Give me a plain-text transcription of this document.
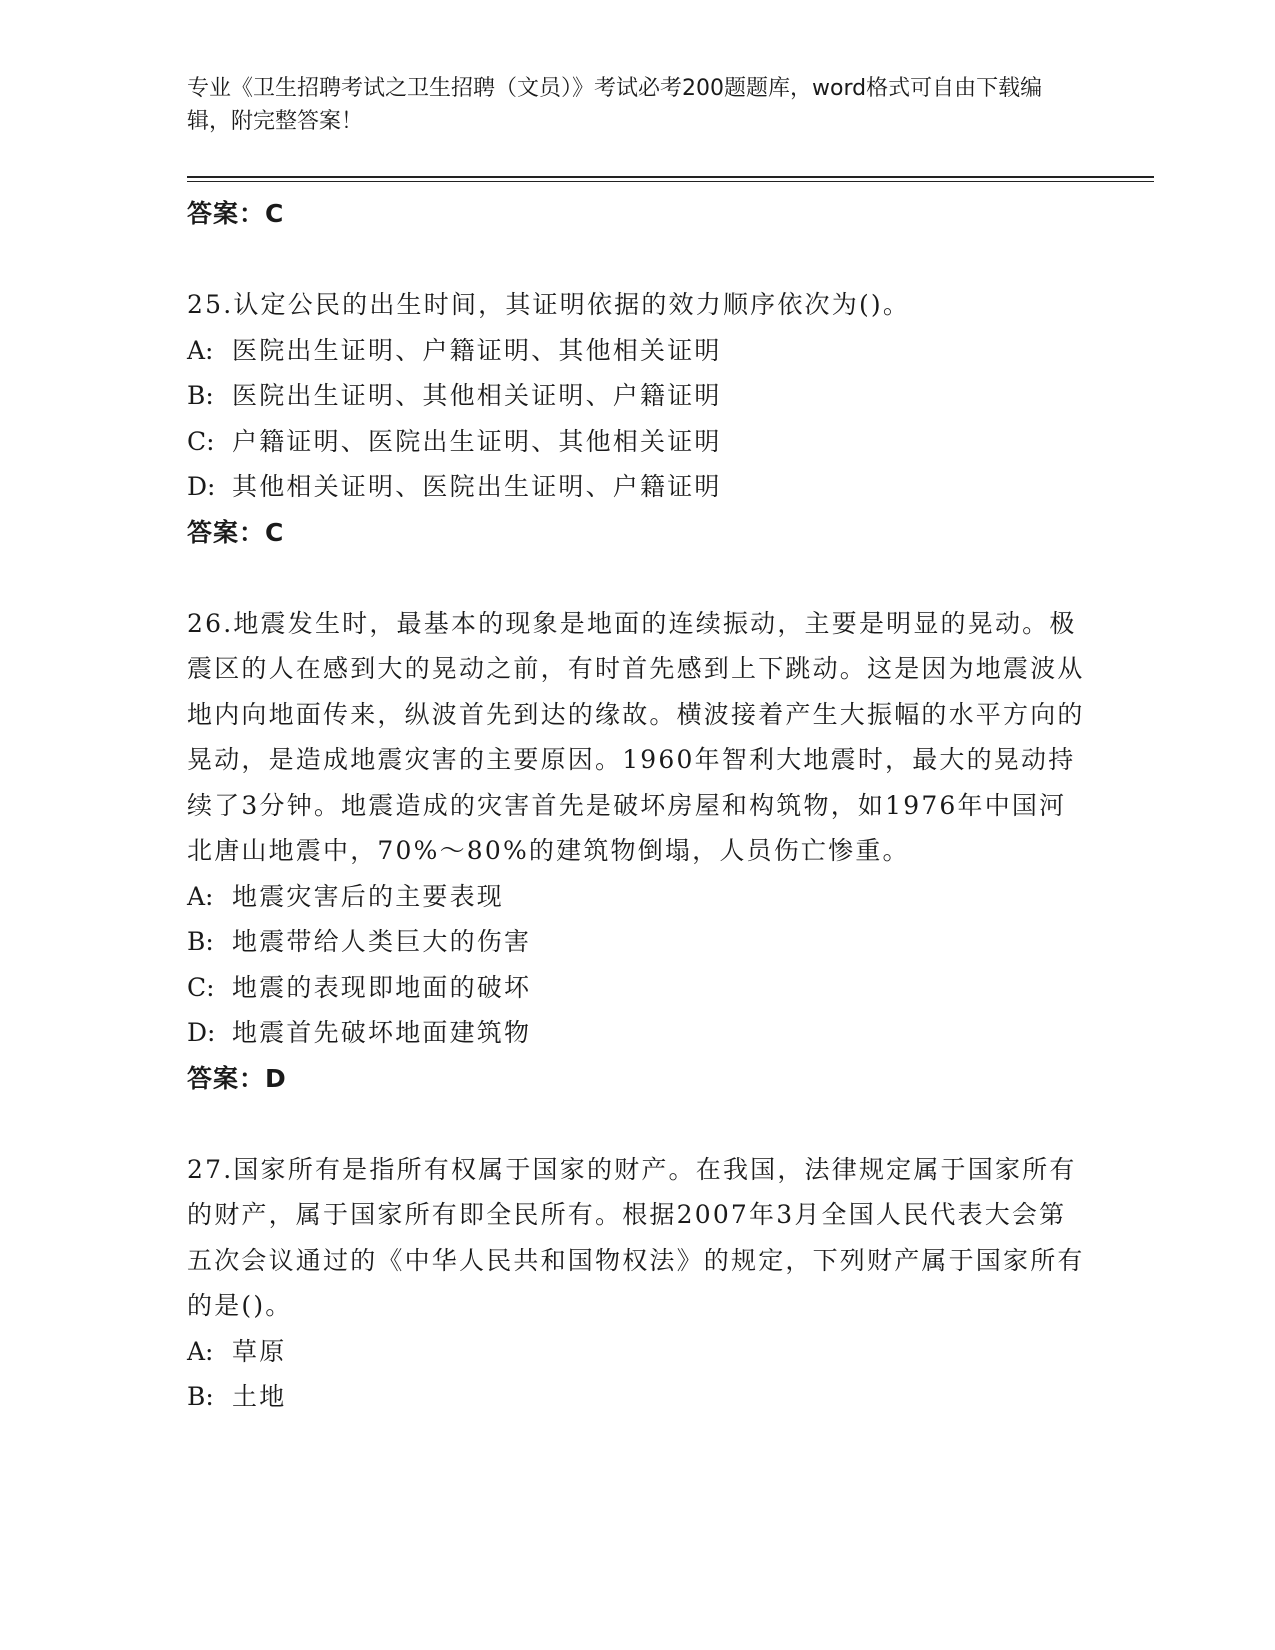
专业《卫生招聘考试之卫生招聘（文员）》考试必考200题题库，word格式可自由下载编辑，附完整答案！
答案：C
25.认定公民的出生时间，其证明依据的效力顺序依次为()。
A: 医院出生证明、户籍证明、其他相关证明
B: 医院出生证明、其他相关证明、户籍证明
C: 户籍证明、医院出生证明、其他相关证明
D: 其他相关证明、医院出生证明、户籍证明
答案：C
26.地震发生时，最基本的现象是地面的连续振动，主要是明显的晃动。极震区的人在感到大的晃动之前，有时首先感到上下跳动。这是因为地震波从地内向地面传来，纵波首先到达的缘故。横波接着产生大振幅的水平方向的晃动，是造成地震灾害的主要原因。1960年智利大地震时，最大的晃动持续了3分钟。地震造成的灾害首先是破坏房屋和构筑物，如1976年中国河北唐山地震中，70%～80%的建筑物倒塌，人员伤亡惨重。
A: 地震灾害后的主要表现
B: 地震带给人类巨大的伤害
C: 地震的表现即地面的破坏
D: 地震首先破坏地面建筑物
答案：D
27.国家所有是指所有权属于国家的财产。在我国，法律规定属于国家所有的财产，属于国家所有即全民所有。根据2007年3月全国人民代表大会第五次会议通过的《中华人民共和国物权法》的规定，下列财产属于国家所有的是()。
A: 草原
B: 土地
